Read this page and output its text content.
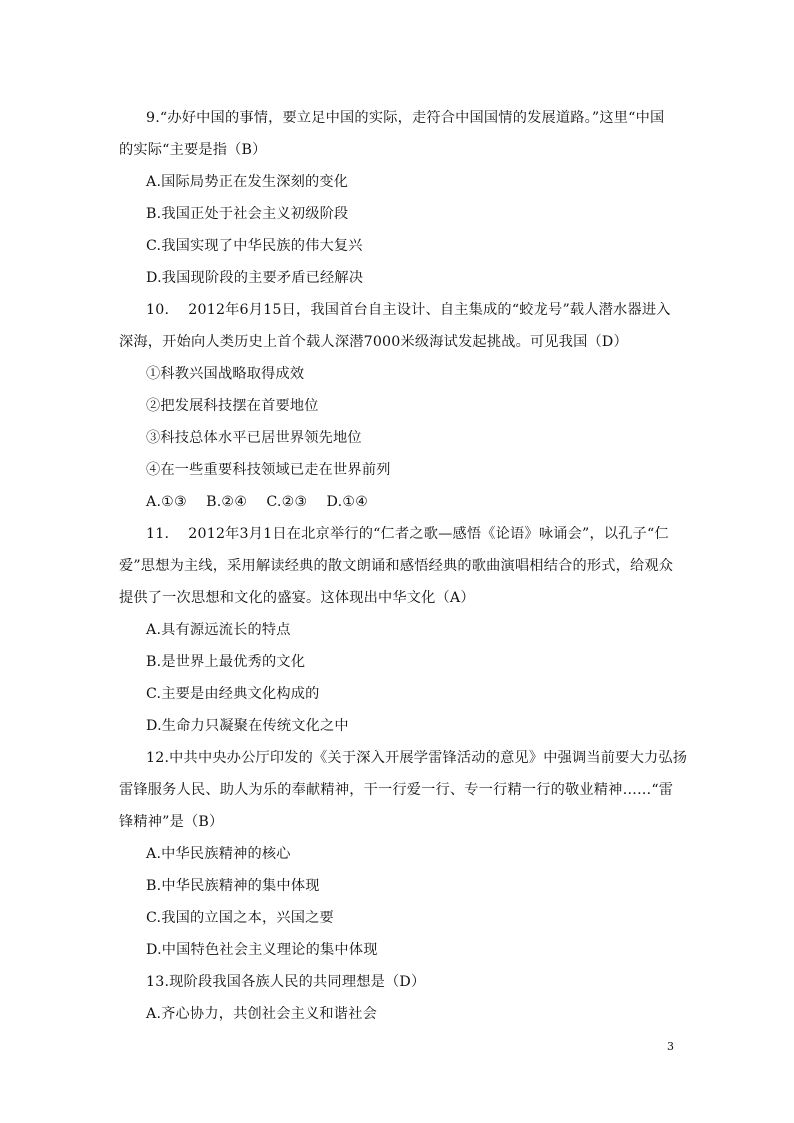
9.“办好中国的事情，要立足中国的实际，走符合中国国情的发展道路。”这里“中国
的实际“主要是指（B）
A.国际局势正在发生深刻的变化
B.我国正处于社会主义初级阶段
C.我国实现了中华民族的伟大复兴
D.我国现阶段的主要矛盾已经解决
10.　 2012年6月15日，我国首台自主设计、自主集成的“蛟龙号”载人潜水器进入
深海，开始向人类历史上首个载人深潜7000米级海试发起挑战。可见我国（D）
①科教兴国战略取得成效
②把发展科技摆在首要地位
③科技总体水平已居世界领先地位
④在一些重要科技领域已走在世界前列
A.①③　 B.②④　 C.②③　 D.①④
11.　 2012年3月1日在北京举行的“仁者之歌—感悟《论语》咏诵会”，以孔子“仁
爱”思想为主线，采用解读经典的散文朗诵和感悟经典的歌曲演唱相结合的形式，给观众
提供了一次思想和文化的盛宴。这体现出中华文化（A）
A.具有源远流长的特点
B.是世界上最优秀的文化
C.主要是由经典文化构成的
D.生命力只凝聚在传统文化之中
12.中共中央办公厅印发的《关于深入开展学雷锋活动的意见》中强调当前要大力弘扬
雷锋服务人民、助人为乐的奉献精神，干一行爱一行、专一行精一行的敬业精神……“雷
锋精神”是（B）
A.中华民族精神的核心
B.中华民族精神的集中体现
C.我国的立国之本，兴国之要
D.中国特色社会主义理论的集中体现
13.现阶段我国各族人民的共同理想是（D）
A.齐心协力，共创社会主义和谐社会
3
